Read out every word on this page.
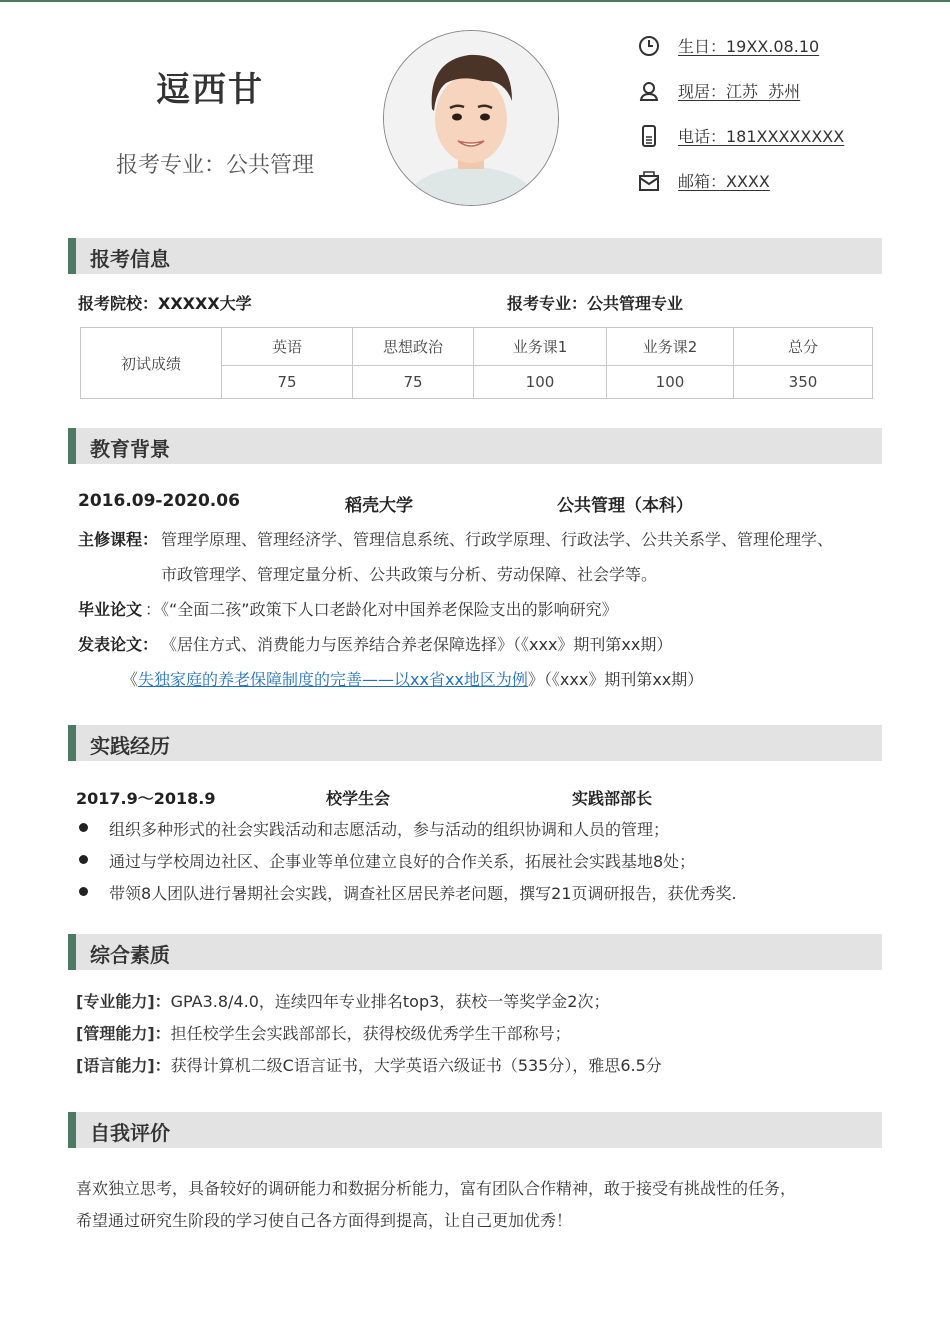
逗西甘
报考专业：公共管理
生日：19XX.08.10
现居：江苏  苏州
电话：181XXXXXXXX
邮箱：XXXX
报考信息
报考院校：XXXXX大学	报考专业：公共管理专业
初试成绩	英语	思想政治	业务课1	业务课2	总分
	75	75	100	100	350
教育背景
2016.09-2020.06	稻壳大学	公共管理（本科）
主修课程： 管理学原理、管理经济学、管理信息系统、行政学原理、行政法学、公共关系学、管理伦理学、
市政管理学、管理定量分析、公共政策与分析、劳动保障、社会学等。
毕业论文 ：《“全面二孩”政策下人口老龄化对中国养老保险支出的影响研究》
发表论文： 《居住方式、消费能力与医养结合养老保障选择》（《xxx》期刊第xx期）
《失独家庭的养老保障制度的完善——以xx省xx地区为例》（《xxx》期刊第xx期）
实践经历
2017.9～2018.9	校学生会	实践部部长
组织多种形式的社会实践活动和志愿活动，参与活动的组织协调和人员的管理；
通过与学校周边社区、企事业等单位建立良好的合作关系，拓展社会实践基地8处；
带领8人团队进行暑期社会实践，调查社区居民养老问题，撰写21页调研报告，获优秀奖.
综合素质
[专业能力]：GPA3.8/4.0，连续四年专业排名top3，获校一等奖学金2次；
[管理能力]：担任校学生会实践部部长，获得校级优秀学生干部称号；
[语言能力]：获得计算机二级C语言证书，大学英语六级证书（535分），雅思6.5分
自我评价
喜欢独立思考，具备较好的调研能力和数据分析能力，富有团队合作精神，敢于接受有挑战性的任务，
希望通过研究生阶段的学习使自己各方面得到提高，让自己更加优秀！
